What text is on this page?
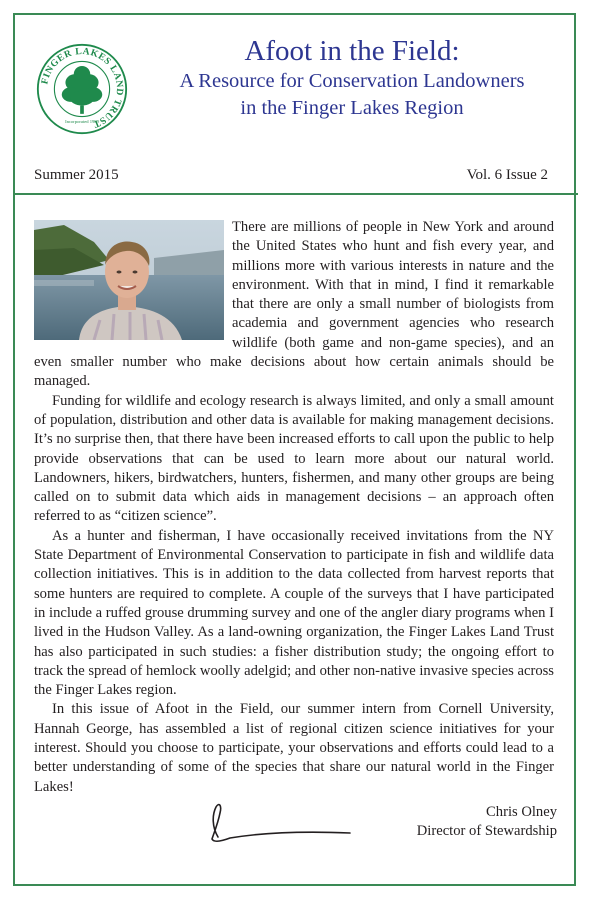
FINGER LAKES LAND TRUST
Incorporated 1989
Afoot in the Field:
A Resource for Conservation Landowners
in the Finger Lakes Region
Summer 2015	Vol. 6 Issue 2

There are millions of people in New York and around the United States who hunt and fish every year, and millions more with various interests in nature and the environment. With that in mind, I find it remarkable that there are only a small number of biologists from academia and government agencies who research wildlife (both game and non-game species), and an even smaller number who make decisions about how certain animals should be managed.

Funding for wildlife and ecology research is always limited, and only a small amount of population, distribution and other data is available for making management decisions. It’s no surprise then, that there have been increased efforts to call upon the public to help provide observations that can be used to learn more about our natural world. Landowners, hikers, birdwatchers, hunters, fishermen, and many other groups are being called on to submit data which aids in management decisions – an approach often referred to as “citizen science”.

As a hunter and fisherman, I have occasionally received invitations from the NY State Department of Environmental Conservation to participate in fish and wildlife data collection initiatives. This is in addition to the data collected from harvest reports that some hunters are required to complete. A couple of the surveys that I have participated in include a ruffed grouse drumming survey and one of the angler diary programs when I lived in the Hudson Valley. As a land-owning organization, the Finger Lakes Land Trust has also participated in such studies: a fisher distribution study; the ongoing effort to track the spread of hemlock woolly adelgid; and other non-native invasive species across the Finger Lakes region.

In this issue of Afoot in the Field, our summer intern from Cornell University, Hannah George, has assembled a list of regional citizen science initiatives for your interest. Should you choose to participate, your observations and efforts could lead to a better understanding of some of the species that share our natural world in the Finger Lakes!

Chris Olney
Director of Stewardship
